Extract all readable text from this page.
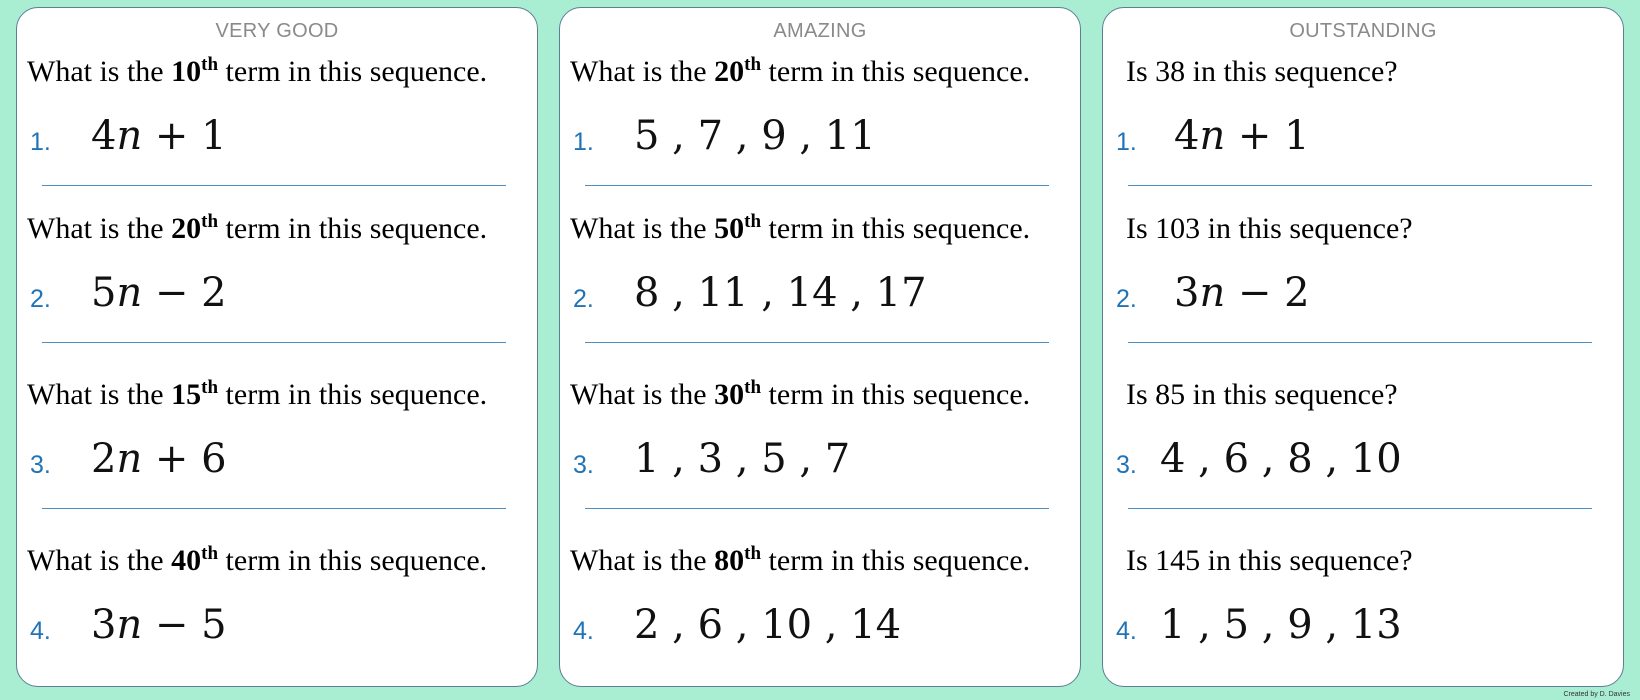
VERY GOOD
What is the 10th term in this sequence.
1. 4n + 1
What is the 20th term in this sequence.
2. 5n − 2
What is the 15th term in this sequence.
3. 2n + 6
What is the 40th term in this sequence.
4. 3n − 5
AMAZING
What is the 20th term in this sequence.
1. 5 , 7 , 9 , 11
What is the 50th term in this sequence.
2. 8 , 11 , 14 , 17
What is the 30th term in this sequence.
3. 1 , 3 , 5 , 7
What is the 80th term in this sequence.
4. 2 , 6 , 10 , 14
OUTSTANDING
Is 38 in this sequence?
1. 4n + 1
Is 103 in this sequence?
2. 3n − 2
Is 85 in this sequence?
3. 4 , 6 , 8 , 10
Is 145 in this sequence?
4. 1 , 5 , 9 , 13
Created by D. Davies
